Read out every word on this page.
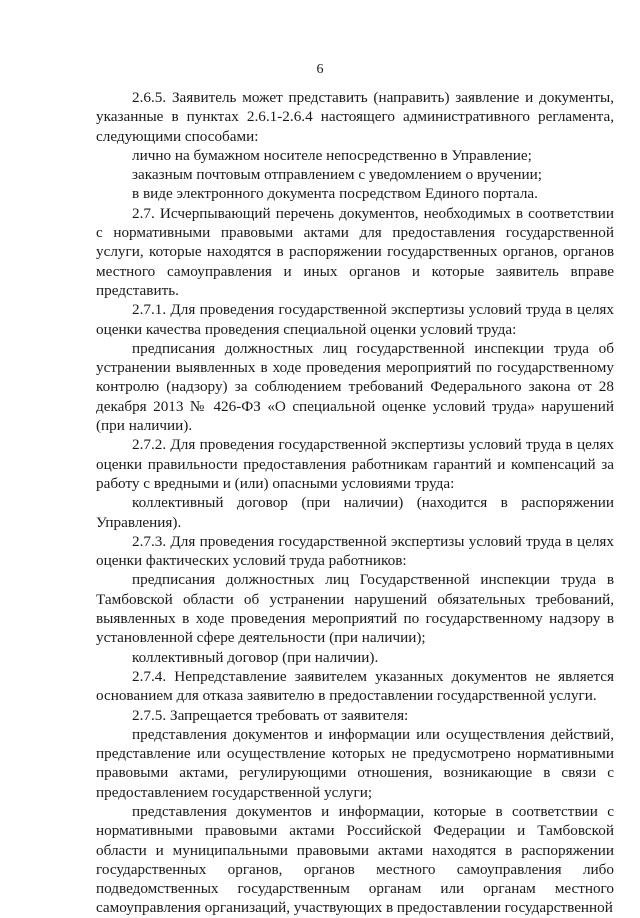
6

2.6.5. Заявитель может представить (направить) заявление и документы, указанные в пунктах 2.6.1-2.6.4 настоящего административного регламента, следующими способами:

лично на бумажном носителе непосредственно в Управление;

заказным почтовым отправлением с уведомлением о вручении;

в виде электронного документа посредством Единого портала.

2.7. Исчерпывающий перечень документов, необходимых в соответствии с нормативными правовыми актами для предоставления государственной услуги, которые находятся в распоряжении государственных органов, органов местного самоуправления и иных органов и которые заявитель вправе представить.

2.7.1. Для проведения государственной экспертизы условий труда в целях оценки качества проведения специальной оценки условий труда:

предписания должностных лиц государственной инспекции труда об устранении выявленных в ходе проведения мероприятий по государственному контролю (надзору) за соблюдением требований Федерального закона от 28 декабря 2013 № 426-ФЗ «О специальной оценке условий труда» нарушений (при наличии).

2.7.2. Для проведения государственной экспертизы условий труда в целях оценки правильности предоставления работникам гарантий и компенсаций за работу с вредными и (или) опасными условиями труда:

коллективный договор (при наличии) (находится в распоряжении Управления).

2.7.3. Для проведения государственной экспертизы условий труда в целях оценки фактических условий труда работников:

предписания должностных лиц Государственной инспекции труда в Тамбовской области об устранении нарушений обязательных требований, выявленных в ходе проведения мероприятий по государственному надзору в установленной сфере деятельности (при наличии);

коллективный договор (при наличии).

2.7.4. Непредставление заявителем указанных документов не является основанием для отказа заявителю в предоставлении государственной услуги.

2.7.5. Запрещается требовать от заявителя:

представления документов и информации или осуществления действий, представление или осуществление которых не предусмотрено нормативными правовыми актами, регулирующими отношения, возникающие в связи с предоставлением государственной услуги;

представления документов и информации, которые в соответствии с нормативными правовыми актами Российской Федерации и Тамбовской области и муниципальными правовыми актами находятся в распоряжении государственных органов, органов местного самоуправления либо подведомственных государственным органам или органам местного самоуправления организаций, участвующих в предоставлении государственной
